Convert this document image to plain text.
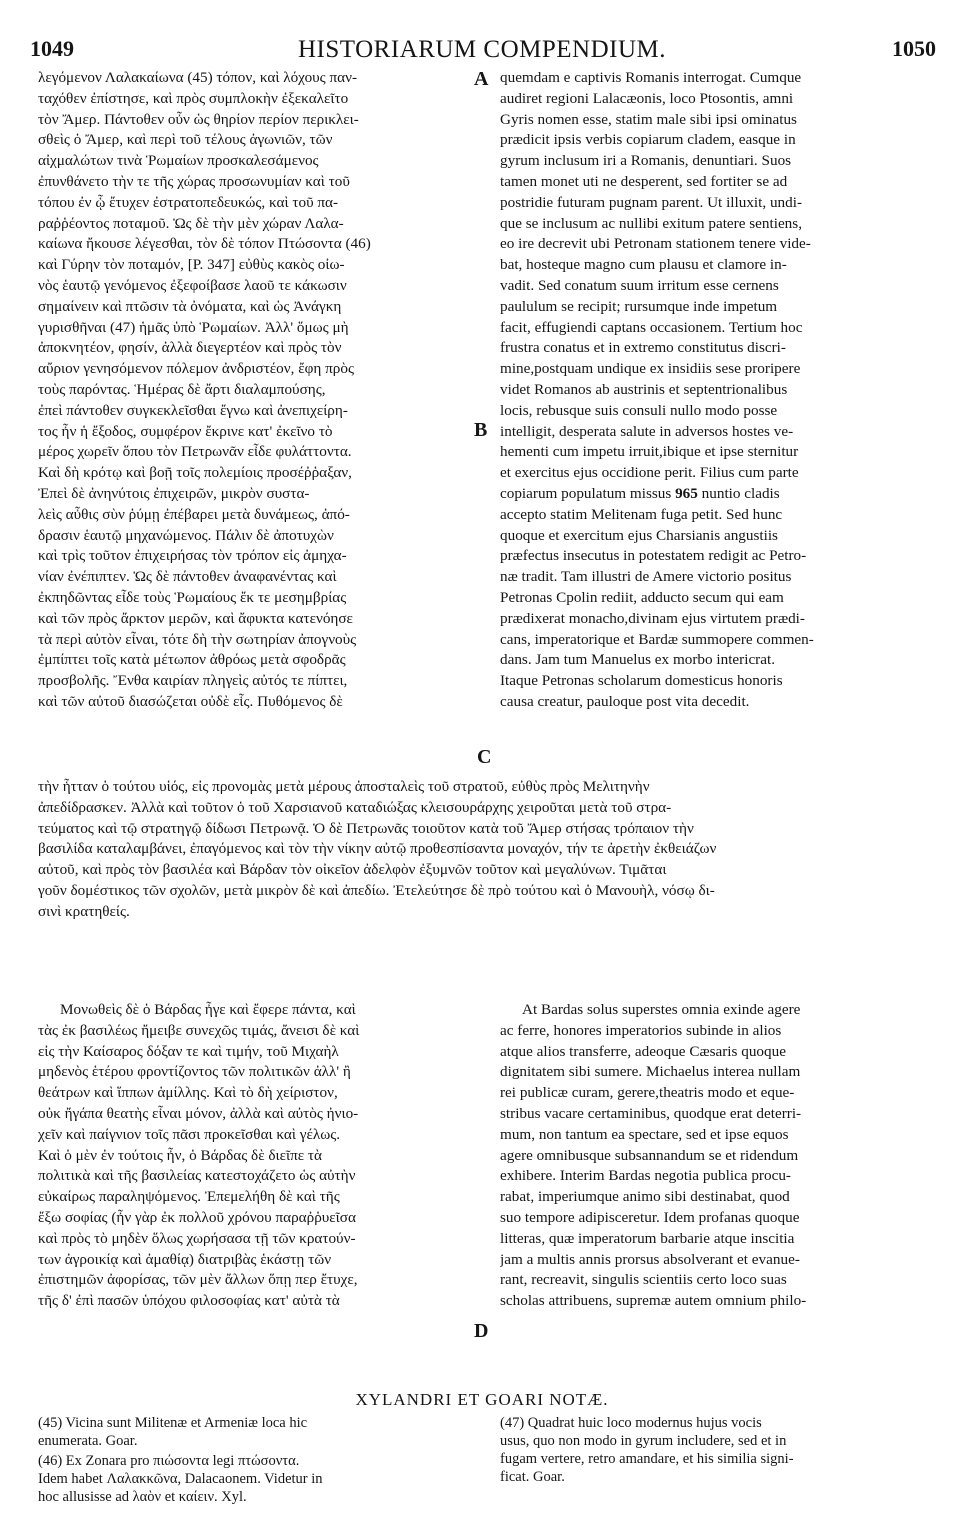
1049	HISTORIARUM COMPENDIUM.	1050
A
B
C
D
λεγόμενον Λαλακαίωνα (45) τόπον, καὶ λόχους παν-
ταχόθεν ἐπίστησε, καὶ πρὸς συμπλοκὴν ἐξεκαλεῖτο
τὸν Ἄμερ. Πάντοθεν οὖν ὡς θηρίον περίον περικλει-
σθεὶς ὁ Ἄμερ, καὶ περὶ τοῦ τέλους ἀγωνιῶν, τῶν
αἰχμαλώτων τινὰ Ῥωμαίων προσκαλεσάμενος
ἐπυνθάνετο τὴν τε τῆς χώρας προσωνυμίαν καὶ τοῦ
τόπου ἐν ᾧ ἔτυχεν ἐστρατοπεδευκώς, καὶ τοῦ πα-
ραῤῥέοντος ποταμοῦ. Ὡς δὲ τὴν μὲν χώραν Λαλα-
καίωνα ἤκουσε λέγεσθαι, τὸν δὲ τόπον Πτώσοντα (46)
καὶ Γύρην τὸν ποταμόν, [P. 347] εὐθὺς κακὸς οἰω-
νὸς ἑαυτῷ γενόμενος ἐξεφοίβασε λαοῦ τε κάκωσιν
σημαίνειν καὶ πτῶσιν τὰ ὀνόματα, καὶ ὡς Ἀνάγκη
γυρισθῆναι (47) ἡμᾶς ὑπὸ Ῥωμαίων. Ἀλλ' ὅμως μὴ
ἀποκνητέον, φησίν, ἀλλὰ διεγερτέον καὶ πρὸς τὸν
αὔριον γενησόμενον πόλεμον ἀνδριστέον, ἔφη πρὸς
τοὺς παρόντας. Ἡμέρας δὲ ἄρτι διαλαμπούσης,
ἐπεὶ πάντοθεν συγκεκλεῖσθαι ἔγνω καὶ ἀνεπιχείρη-
τος ἦν ἡ ἔξοδος, συμφέρον ἔκρινε κατ' ἐκεῖνο τὸ
μέρος χωρεῖν ὅπου τὸν Πετρωνᾶν εἶδε φυλάττοντα.
Καὶ δὴ κρότῳ καὶ βοῇ τοῖς πολεμίοις προσέῤῥαξαν,
Ἐπεὶ δὲ ἀνηνύτοις ἐπιχειρῶν, μικρὸν συστα-
λεὶς αὖθις σὺν ῥύμῃ ἐπέβαρει μετὰ δυνάμεως, ἀπό-
δρασιν ἑαυτῷ μηχανώμενος. Πάλιν δὲ ἀποτυχὼν
καὶ τρὶς τοῦτον ἐπιχειρήσας τὸν τρόπον εἰς ἀμηχα-
νίαν ἐνέπιπτεν. Ὡς δὲ πάντοθεν ἀναφανέντας καὶ
ἐκπηδῶντας εἶδε τοὺς Ῥωμαίους ἔκ τε μεσημβρίας
καὶ τῶν πρὸς ἄρκτον μερῶν, καὶ ἄφυκτα κατενόησε
τὰ περὶ αὐτὸν εἶναι, τότε δὴ τὴν σωτηρίαν ἀπογνοὺς
ἐμπίπτει τοῖς κατὰ μέτωπον ἀθρόως μετὰ σφοδρᾶς
προσβολῆς. Ἔνθα καιρίαν πληγεὶς αὐτός τε πίπτει,
καὶ τῶν αὐτοῦ διασώζεται οὐδὲ εἷς. Πυθόμενος δὲ
quemdam e captivis Romanis interrogat. Cumque
audiret regioni Lalacæonis, loco Ptosontis, amni
Gyris nomen esse, statim male sibi ipsi ominatus
prædicit ipsis verbis copiarum cladem, easque in
gyrum inclusum iri a Romanis, denuntiari. Suos
tamen monet uti ne desperent, sed fortiter se ad
postridie futuram pugnam parent. Ut illuxit, undi-
que se inclusum ac nullibi exitum patere sentiens,
eo ire decrevit ubi Petronam stationem tenere vide-
bat, hosteque magno cum plausu et clamore in-
vadit. Sed conatum suum irritum esse cernens
paululum se recipit; rursumque inde impetum
facit, effugiendi captans occasionem. Tertium hoc
frustra conatus et in extremo constitutus discri-
mine,postquam undique ex insidiis sese proripere
videt Romanos ab austrinis et septentrionalibus
locis, rebusque suis consuli nullo modo posse
intelligit, desperata salute in adversos hostes ve-
hementi cum impetu irruit,ibique et ipse sternitur
et exercitus ejus occidione perit. Filius cum parte
copiarum populatum missus 965 nuntio cladis
accepto statim Melitenam fuga petit. Sed hunc
quoque et exercitum ejus Charsianis angustiis
præfectus insecutus in potestatem redigit ac Petro-
næ tradit. Tam illustri de Amere victorio positus
Petronas Cpolin rediit, adducto secum qui eam
prædixerat monacho,divinam ejus virtutem prædi-
cans, imperatorique et Bardæ summopere commen-
dans. Jam tum Manuelus ex morbo intericrat.
Itaque Petronas scholarum domesticus honoris
causa creatur, pauloque post vita decedit.
τὴν ἧτταν ὁ τούτου υἱός, εἰς προνομὰς μετὰ μέρους ἀποσταλεὶς τοῦ στρατοῦ, εὐθὺς πρὸς Μελιτηνὴν
ἀπεδίδρασκεν. Ἀλλὰ καὶ τοῦτον ὁ τοῦ Χαρσιανοῦ καταδιώξας κλεισουράρχης χειροῦται μετὰ τοῦ στρα-
τεύματος καὶ τῷ στρατηγῷ δίδωσι Πετρωνᾷ. Ὁ δὲ Πετρωνᾶς τοιοῦτον κατὰ τοῦ Ἄμερ στήσας τρόπαιον τὴν
βασιλίδα καταλαμβάνει, ἐπαγόμενος καὶ τὸν τὴν νίκην αὐτῷ προθεσπίσαντα μοναχόν, τήν τε ἀρετὴν ἐκθειάζων
αὐτοῦ, καὶ πρὸς τὸν βασιλέα καὶ Βάρδαν τὸν οἰκεῖον ἀδελφὸν ἐξυμνῶν τοῦτον καὶ μεγαλύνων. Τιμᾶται
γοῦν δομέστικος τῶν σχολῶν, μετὰ μικρὸν δὲ καὶ ἀπεδίω. Ἐτελεύτησε δὲ πρὸ τούτου καὶ ὁ Μανουὴλ, νόσῳ δι-
σινὶ κρατηθείς.
Μονωθεὶς δὲ ὁ Βάρδας ἦγε καὶ ἔφερε πάντα, καὶ
τὰς ἐκ βασιλέως ἤμειβε συνεχῶς τιμάς, ἄνεισι δὲ καὶ
εἰς τὴν Καίσαρος δόξαν τε καὶ τιμήν, τοῦ Μιχαὴλ
μηδενὸς ἑτέρου φροντίζοντος τῶν πολιτικῶν ἀλλ' ἢ
θεάτρων καὶ ἵππων ἁμίλλης. Καὶ τὸ δὴ χείριστον,
οὐκ ἤγάπα θεατὴς εἶναι μόνον, ἀλλὰ καὶ αὐτὸς ἠνιο-
χεῖν καὶ παίγνιον τοῖς πᾶσι προκεῖσθαι καὶ γέλως.
Καὶ ὁ μὲν ἐν τούτοις ἦν, ὁ Βάρδας δὲ διεῖπε τὰ
πολιτικὰ καὶ τῆς βασιλείας κατεστοχάζετο ὡς αὐτὴν
εὐκαίρως παραληψόμενος. Ἐπεμελήθη δὲ καὶ τῆς
ἔξω σοφίας (ἦν γὰρ ἐκ πολλοῦ χρόνου παραῤῥυεῖσα
καὶ πρὸς τὸ μηδὲν ὅλως χωρήσασα τῇ τῶν κρατούν-
των ἀγροικίᾳ καὶ ἀμαθίᾳ) διατριβὰς ἑκάστῃ τῶν
ἐπιστημῶν ἀφορίσας, τῶν μὲν ἄλλων ὅπῃ περ ἔτυχε,
τῆς δ' ἐπὶ πασῶν ὑπόχου φιλοσοφίας κατ' αὐτὰ τὰ
At Bardas solus superstes omnia exinde agere
ac ferre, honores imperatorios subinde in alios
atque alios transferre, adeoque Cæsaris quoque
dignitatem sibi sumere. Michaelus interea nullam
rei publicæ curam, gerere,theatris modo et eque-
stribus vacare certaminibus, quodque erat deterri-
mum, non tantum ea spectare, sed et ipse equos
agere omnibusque subsannandum se et ridendum
exhibere. Interim Bardas negotia publica procu-
rabat, imperiumque animo sibi destinabat, quod
suo tempore adipisceretur. Idem profanas quoque
litteras, quæ imperatorum barbarie atque inscitia
jam a multis annis prorsus absolverant et evanue-
rant, recreavit, singulis scientiis certo loco suas
scholas attribuens, supremæ autem omnium philo-
XYLANDRI ET GOARI NOTÆ.
(45) Vicina sunt Militenæ et Armeniæ loca hic
enumerata. Goar.
(46) Ex Zonara pro πιώσοντα legi πτώσοντα.
Idem habet Λαλακκῶνα, Dalacaonem. Videtur in
hoc allusisse ad λαὸν et καίειν. Xyl.
(47) Quadrat huic loco modernus hujus vocis
usus, quo non modo in gyrum includere, sed et in
fugam vertere, retro amandare, et his similia signi-
ficat. Goar.
